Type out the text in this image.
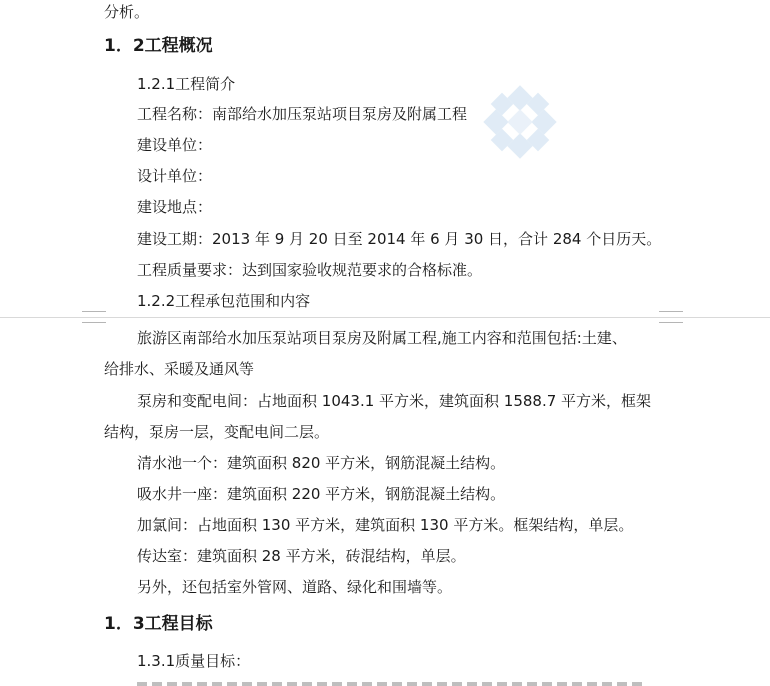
分析。
1．2工程概况
1.2.1工程简介
工程名称：南部给水加压泵站项目泵房及附属工程
建设单位：
设计单位：
建设地点：
建设工期：2013 年 9 月 20 日至 2014 年 6 月 30 日，合计 284 个日历天。
工程质量要求：达到国家验收规范要求的合格标准。
1.2.2工程承包范围和内容
旅游区南部给水加压泵站项目泵房及附属工程,施工内容和范围包括:土建、
给排水、采暖及通风等
泵房和变配电间：占地面积 1043.1 平方米，建筑面积 1588.7 平方米，框架
结构，泵房一层，变配电间二层。
清水池一个：建筑面积 820 平方米，钢筋混凝土结构。
吸水井一座：建筑面积 220 平方米，钢筋混凝土结构。
加氯间：占地面积 130 平方米，建筑面积 130 平方米。框架结构，单层。
传达室：建筑面积 28 平方米，砖混结构，单层。
另外，还包括室外管网、道路、绿化和围墙等。
1．3工程目标
1.3.1质量目标：
